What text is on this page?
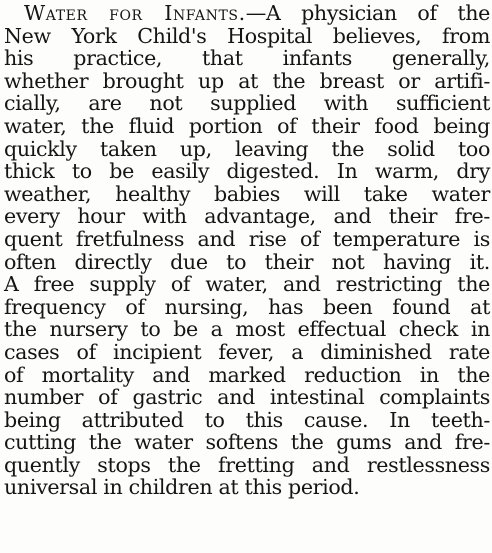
Water for Infants.—A physician of the
New York Child's Hospital believes, from
his practice, that infants generally,
whether brought up at the breast or artifi-
cially, are not supplied with sufficient
water, the fluid portion of their food being
quickly taken up, leaving the solid too
thick to be easily digested. In warm, dry
weather, healthy babies will take water
every hour with advantage, and their fre-
quent fretfulness and rise of temperature is
often directly due to their not having it.
A free supply of water, and restricting the
frequency of nursing, has been found at
the nursery to be a most effectual check in
cases of incipient fever, a diminished rate
of mortality and marked reduction in the
number of gastric and intestinal complaints
being attributed to this cause. In teeth-
cutting the water softens the gums and fre-
quently stops the fretting and restlessness
universal in children at this period.
